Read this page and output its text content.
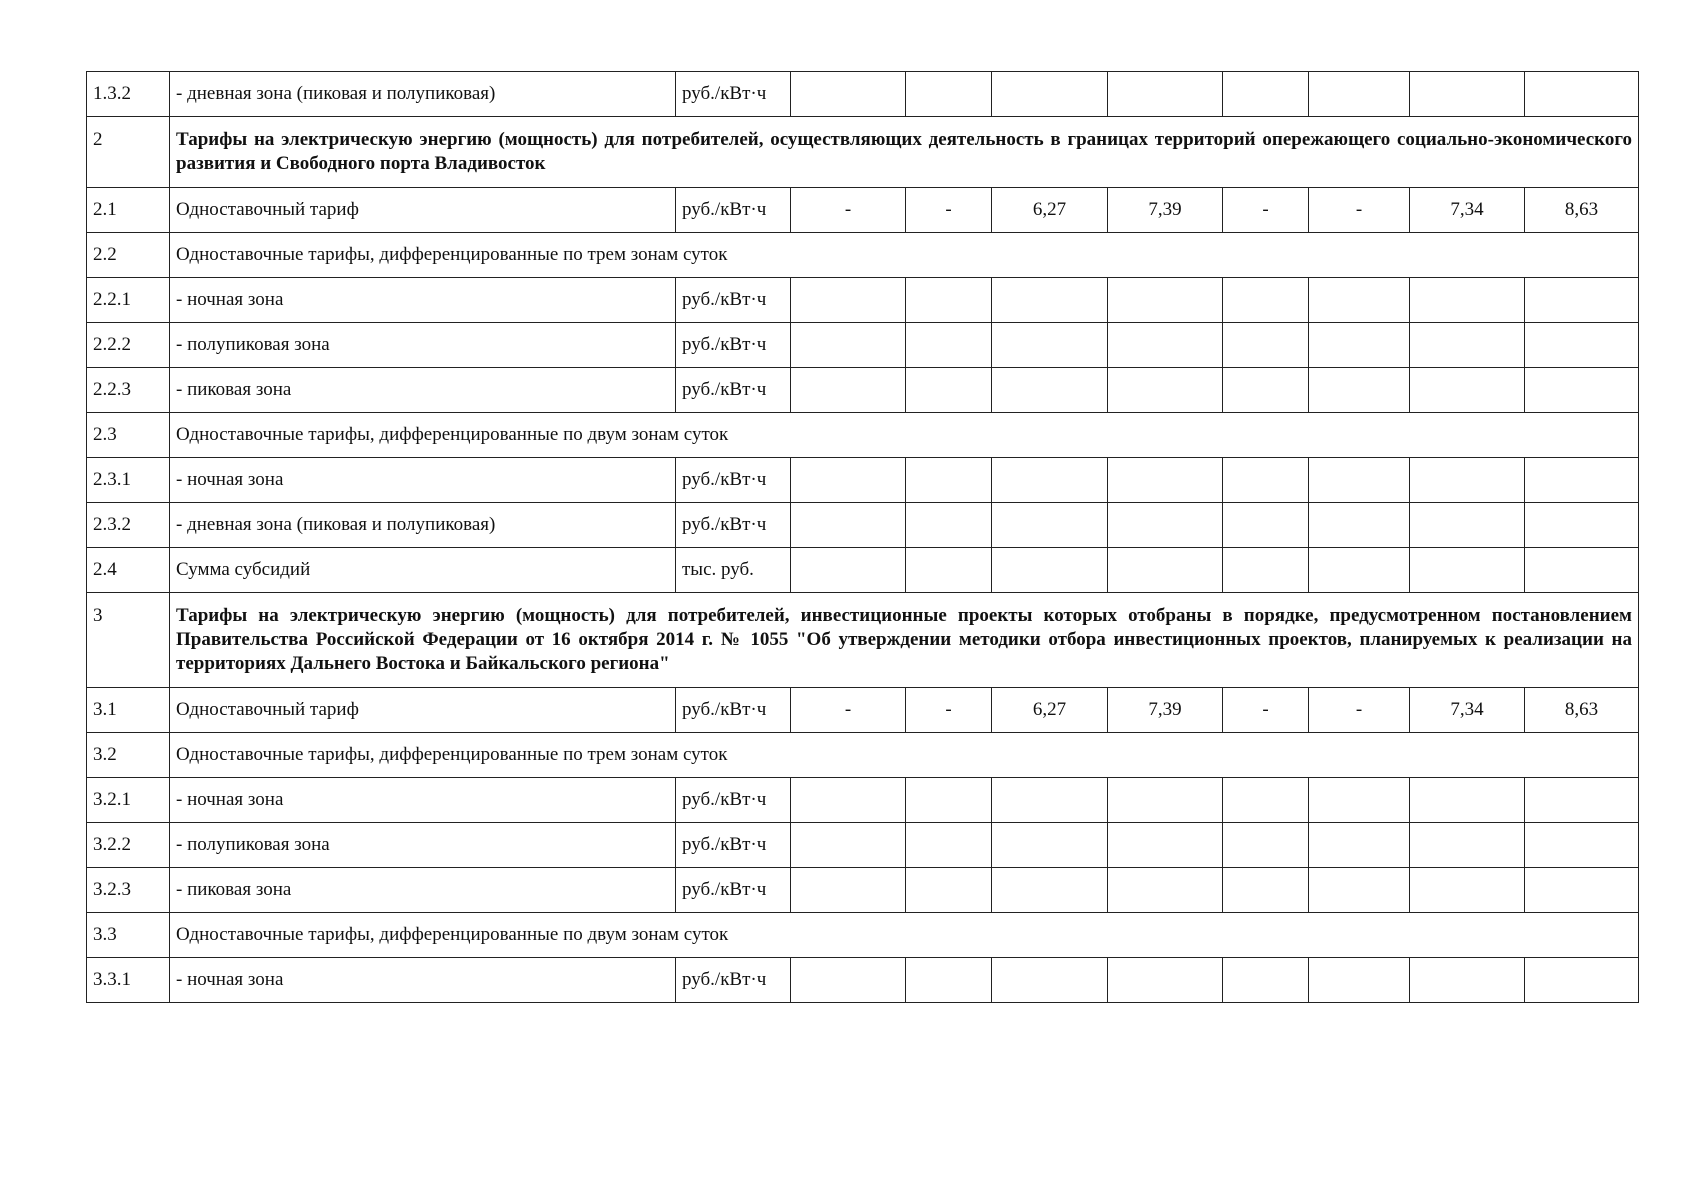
1.3.2	- дневная зона (пиковая и полупиковая)	руб./кВт·ч								
2	Тарифы на электрическую энергию (мощность) для потребителей, осуществляющих деятельность в границах территорий опережающего социально-экономического развития и Свободного порта Владивосток									
2.1	Одноставочный тариф	руб./кВт·ч	-	-	6,27	7,39	-	-	7,34	8,63
2.2	Одноставочные тарифы, дифференцированные по трем зонам суток									
2.2.1	- ночная зона	руб./кВт·ч								
2.2.2	- полупиковая зона	руб./кВт·ч								
2.2.3	- пиковая зона	руб./кВт·ч								
2.3	Одноставочные тарифы, дифференцированные по двум зонам суток									
2.3.1	- ночная зона	руб./кВт·ч								
2.3.2	- дневная зона (пиковая и полупиковая)	руб./кВт·ч								
2.4	Сумма субсидий	тыс. руб.								
3	Тарифы на электрическую энергию (мощность) для потребителей, инвестиционные проекты которых отобраны в порядке, предусмотренном постановлением Правительства Российской Федерации от 16 октября 2014 г. № 1055 "Об утверждении методики отбора инвестиционных проектов, планируемых к реализации на территориях Дальнего Востока и Байкальского региона"									
3.1	Одноставочный тариф	руб./кВт·ч	-	-	6,27	7,39	-	-	7,34	8,63
3.2	Одноставочные тарифы, дифференцированные по трем зонам суток									
3.2.1	- ночная зона	руб./кВт·ч								
3.2.2	- полупиковая зона	руб./кВт·ч								
3.2.3	- пиковая зона	руб./кВт·ч								
3.3	Одноставочные тарифы, дифференцированные по двум зонам суток									
3.3.1	- ночная зона	руб./кВт·ч								
